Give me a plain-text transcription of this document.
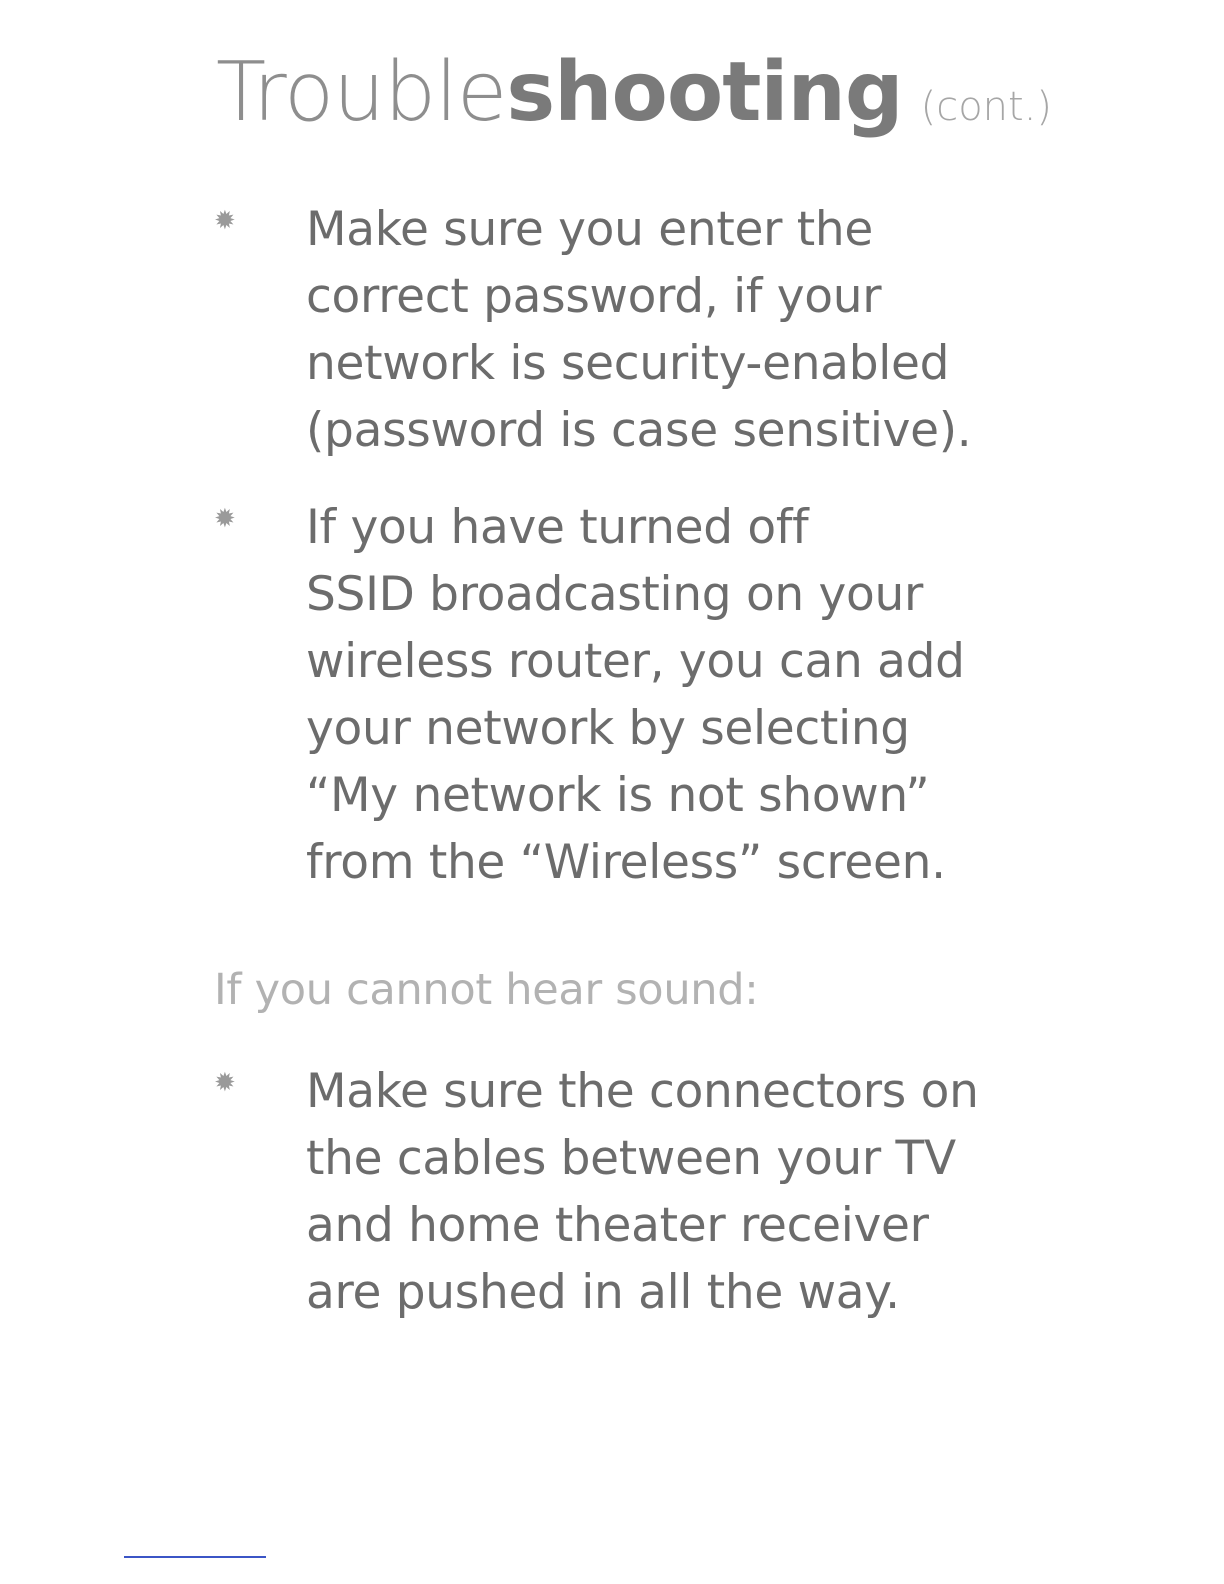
Troubleshooting (cont.)
✹ Make sure you enter the
correct password, if your
network is security-enabled
(password is case sensitive).
✹ If you have turned off
SSID broadcasting on your
wireless router, you can add
your network by selecting
“My network is not shown”
from the “Wireless” screen.
If you cannot hear sound:
✹ Make sure the connectors on
the cables between your TV
and home theater receiver
are pushed in all the way.
